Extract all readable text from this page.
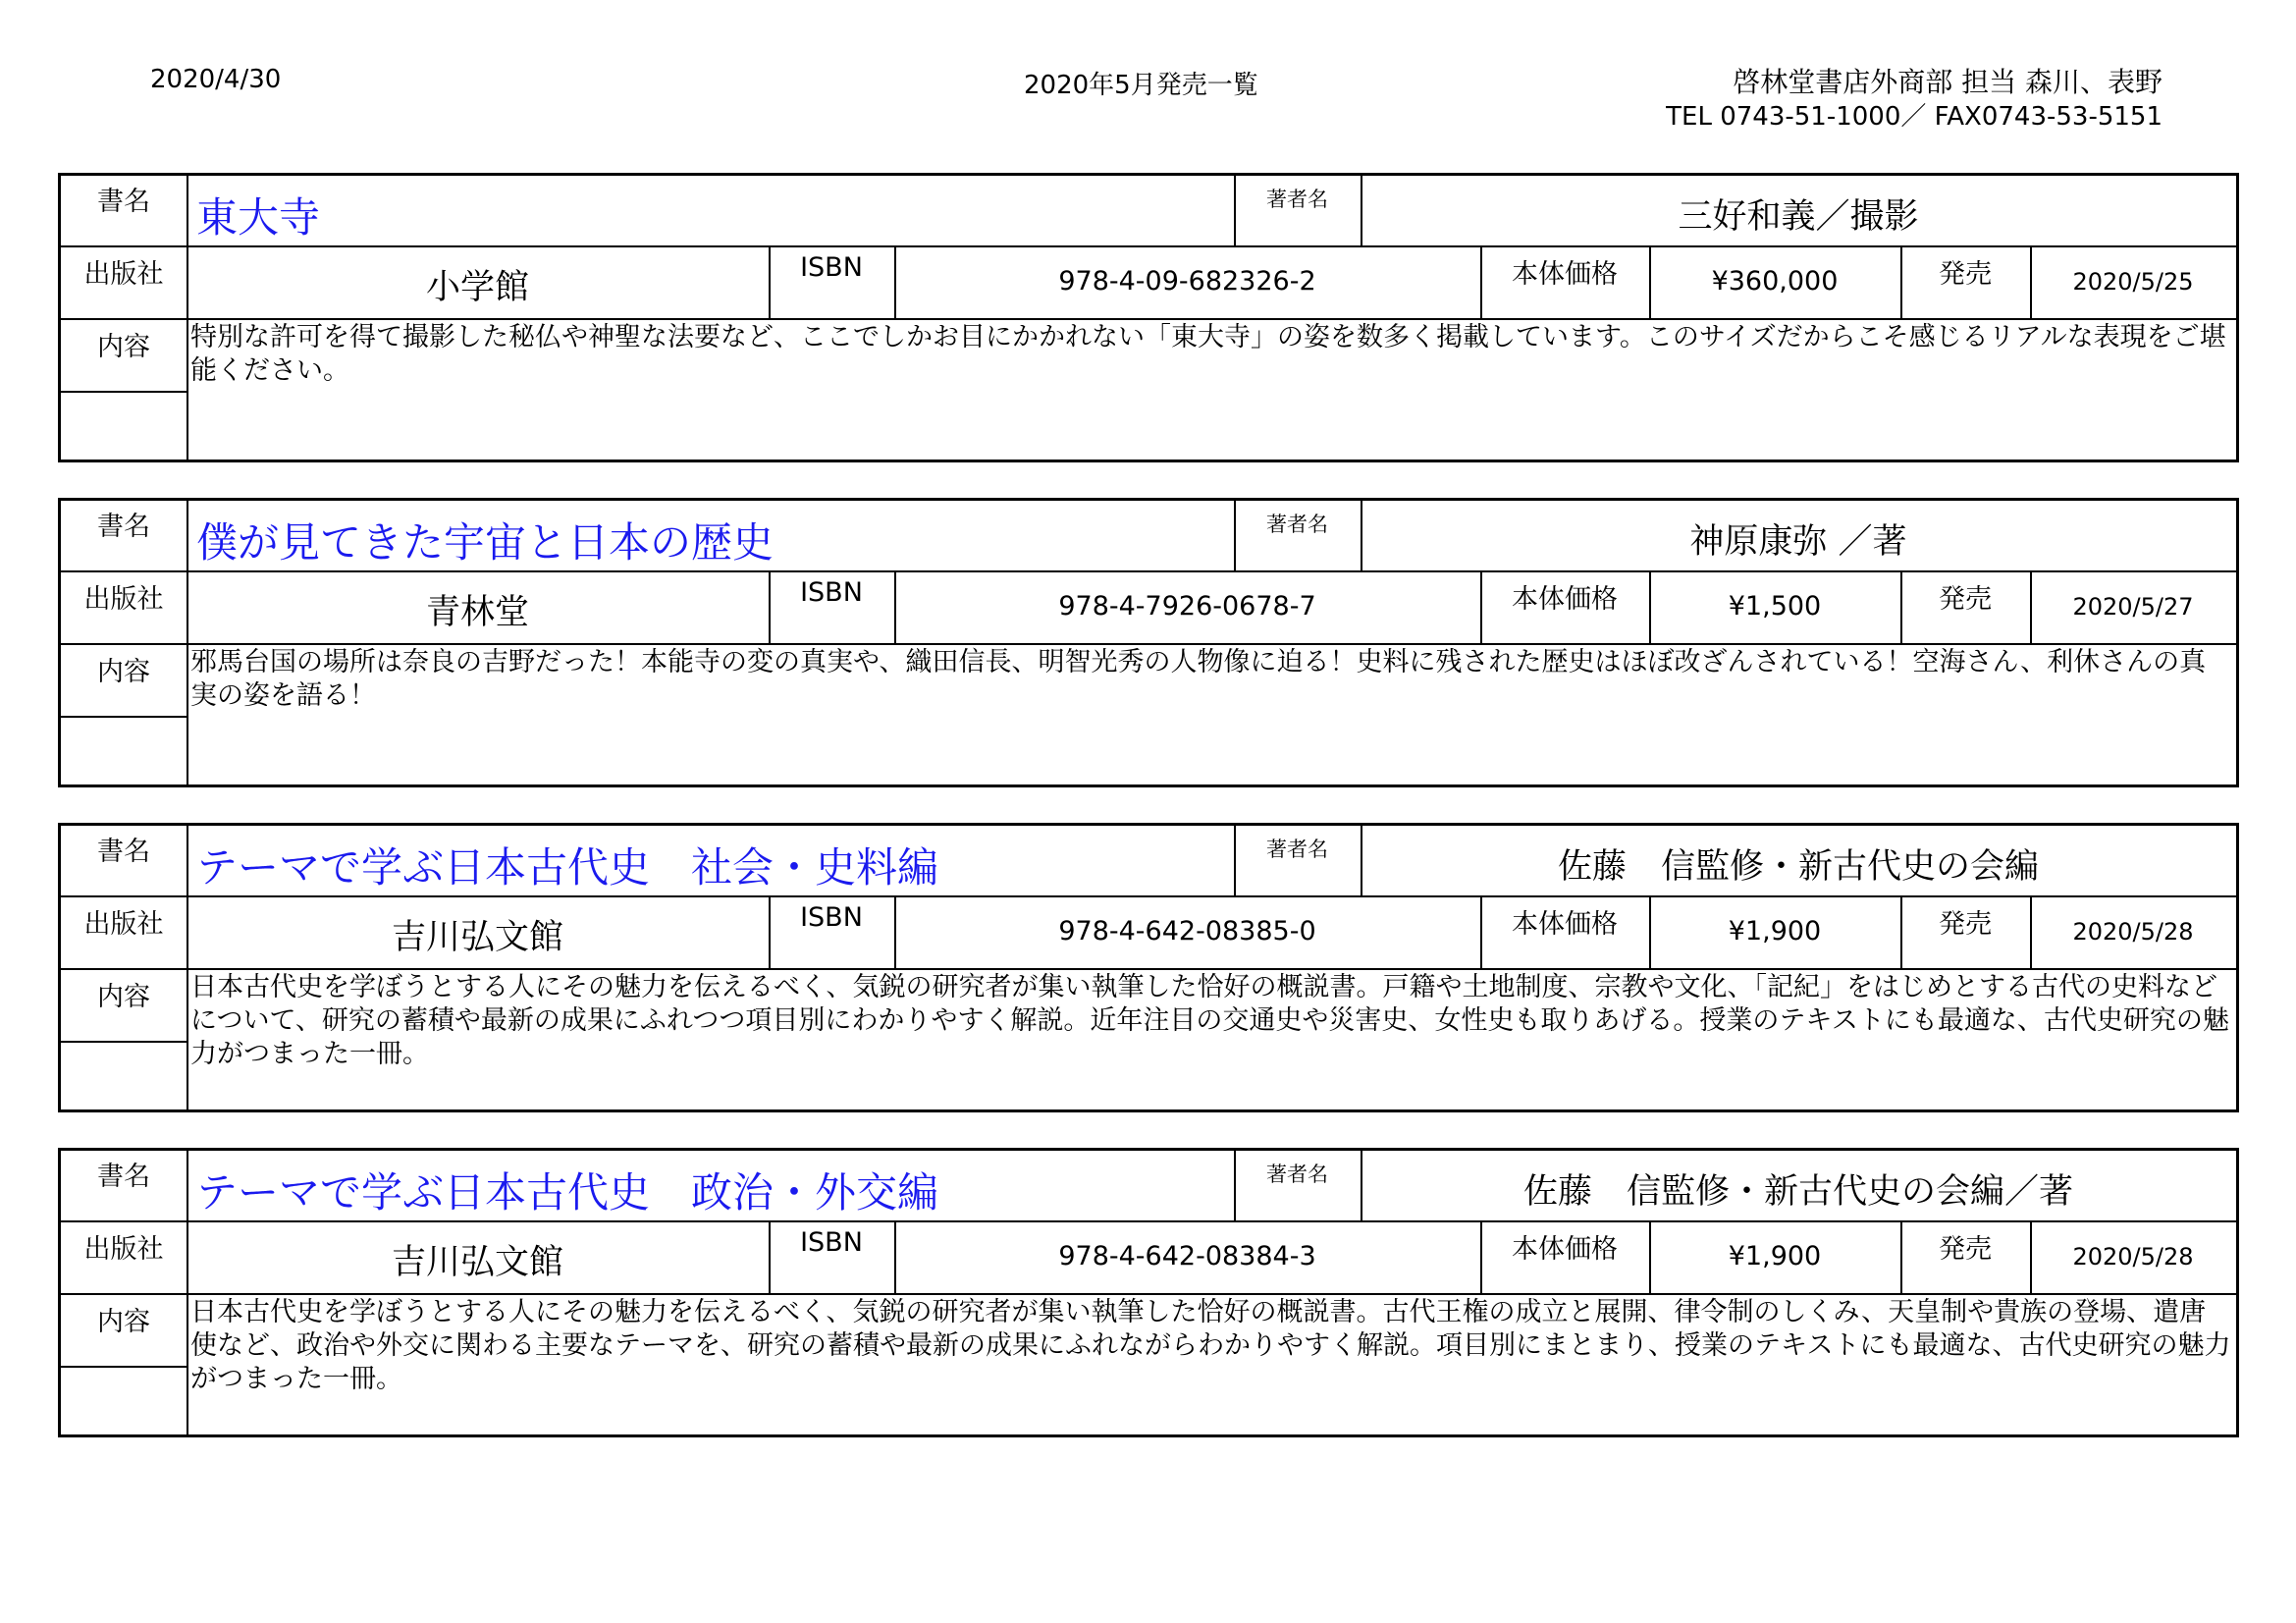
2020/4/30	2020年5月発売一覧	啓林堂書店外商部 担当 森川、表野
TEL 0743-51-1000／ FAX0743-53-5151
書名	東大寺	著者名	三好和義／撮影
出版社	小学館
ISBN	978-4-09-682326-2	本体価格	¥360,000	発売	2020/5/25
内容	特別な許可を得て撮影した秘仏や神聖な法要など、ここでしかお目にかかれない「東大寺」の姿を数多く掲載しています。このサイズだからこそ感じるリアルな表現をご堪能ください。
書名	僕が見てきた宇宙と日本の歴史	著者名	神原康弥 ／著
出版社	青林堂
ISBN	978-4-7926-0678-7	本体価格	¥1,500	発売	2020/5/27
内容	邪馬台国の場所は奈良の吉野だった！本能寺の変の真実や、織田信長、明智光秀の人物像に迫る！史料に残された歴史はほぼ改ざんされている！空海さん、利休さんの真実の姿を語る！
書名	テーマで学ぶ日本古代史　社会・史料編	著者名	佐藤　信監修・新古代史の会編
出版社	吉川弘文館
ISBN	978-4-642-08385-0	本体価格	¥1,900	発売	2020/5/28
内容	日本古代史を学ぼうとする人にその魅力を伝えるべく、気鋭の研究者が集い執筆した恰好の概説書。戸籍や土地制度、宗教や文化、「記紀」をはじめとする古代の史料などについて、研究の蓄積や最新の成果にふれつつ項目別にわかりやすく解説。近年注目の交通史や災害史、女性史も取りあげる。授業のテキストにも最適な、古代史研究の魅力がつまった一冊。
書名	テーマで学ぶ日本古代史　政治・外交編	著者名	佐藤　信監修・新古代史の会編／著
出版社	吉川弘文館
ISBN	978-4-642-08384-3	本体価格	¥1,900	発売	2020/5/28
内容	日本古代史を学ぼうとする人にその魅力を伝えるべく、気鋭の研究者が集い執筆した恰好の概説書。古代王権の成立と展開、律令制のしくみ、天皇制や貴族の登場、遣唐使など、政治や外交に関わる主要なテーマを、研究の蓄積や最新の成果にふれながらわかりやすく解説。項目別にまとまり、授業のテキストにも最適な、古代史研究の魅力がつまった一冊。
